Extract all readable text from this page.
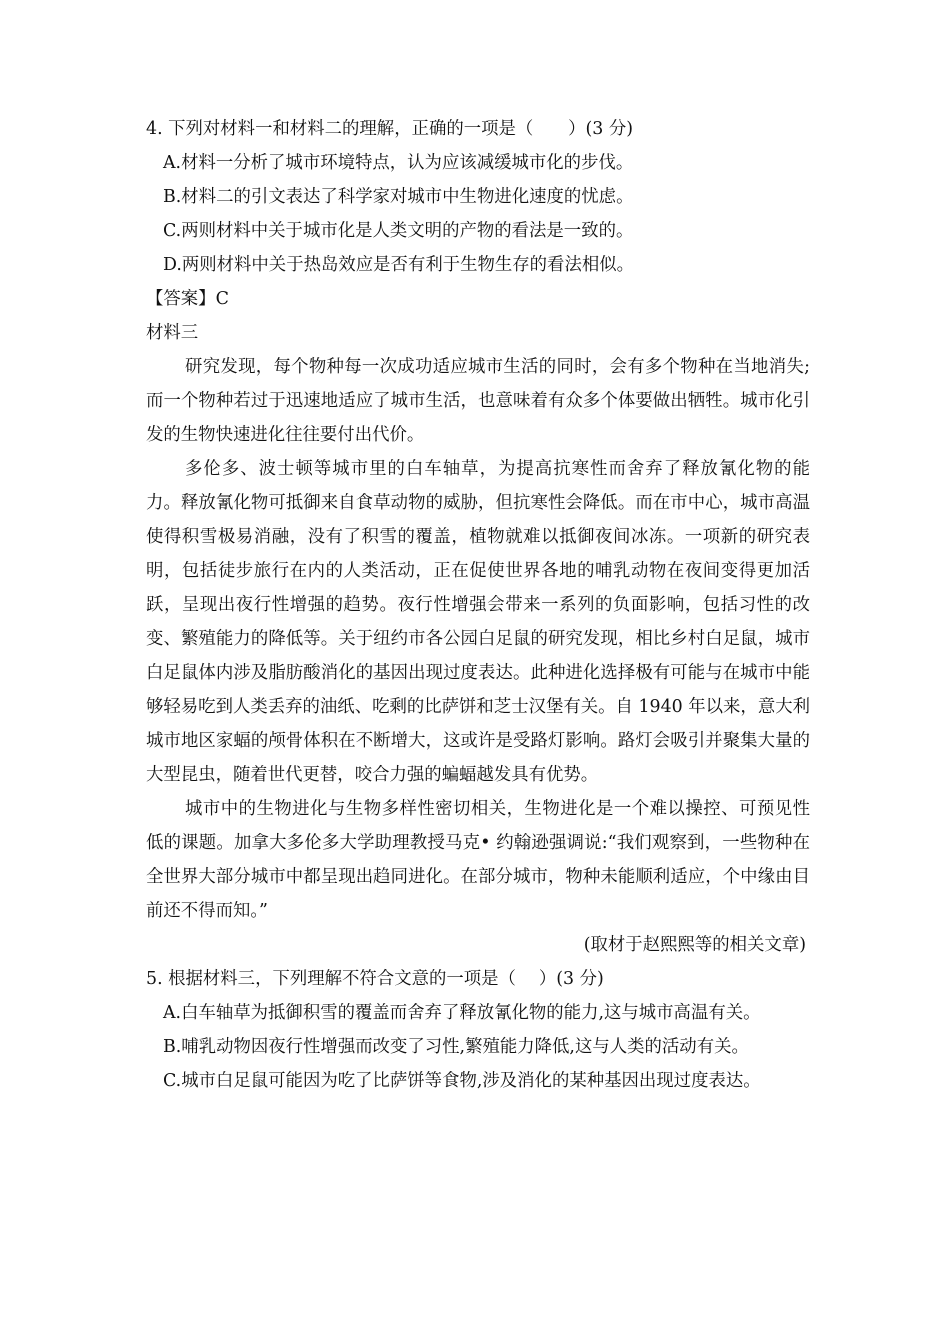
4. 下列对材料一和材料二的理解，正确的一项是（　　）(3 分)
A.材料一分析了城市环境特点，认为应该减缓城市化的步伐。
B.材料二的引文表达了科学家对城市中生物进化速度的忧虑。
C.两则材料中关于城市化是人类文明的产物的看法是一致的。
D.两则材料中关于热岛效应是否有利于生物生存的看法相似。
【答案】C
材料三

研究发现，每个物种每一次成功适应城市生活的同时，会有多个物种在当地消失;而一个物种若过于迅速地适应了城市生活，也意味着有众多个体要做出牺牲。城市化引发的生物快速进化往往要付出代价。

多伦多、波士顿等城市里的白车轴草，为提高抗寒性而舍弃了释放氰化物的能力。释放氰化物可抵御来自食草动物的威胁，但抗寒性会降低。而在市中心，城市高温使得积雪极易消融，没有了积雪的覆盖，植物就难以抵御夜间冰冻。一项新的研究表明，包括徒步旅行在内的人类活动，正在促使世界各地的哺乳动物在夜间变得更加活跃，呈现出夜行性增强的趋势。夜行性增强会带来一系列的负面影响，包括习性的改变、繁殖能力的降低等。关于纽约市各公园白足鼠的研究发现，相比乡村白足鼠，城市白足鼠体内涉及脂肪酸消化的基因出现过度表达。此种进化选择极有可能与在城市中能够轻易吃到人类丢弃的油纸、吃剩的比萨饼和芝士汉堡有关。自 1940 年以来，意大利城市地区家蝠的颅骨体积在不断增大，这或许是受路灯影响。路灯会吸引并聚集大量的大型昆虫，随着世代更替，咬合力强的蝙蝠越发具有优势。

城市中的生物进化与生物多样性密切相关，生物进化是一个难以操控、可预见性低的课题。加拿大多伦多大学助理教授马克• 约翰逊强调说:“我们观察到，一些物种在全世界大部分城市中都呈现出趋同进化。在部分城市，物种未能顺利适应，个中缘由目前还不得而知。”

(取材于赵熙熙等的相关文章)
5. 根据材料三，下列理解不符合文意的一项是（　 ）(3 分)
A.白车轴草为抵御积雪的覆盖而舍弃了释放氰化物的能力,这与城市高温有关。
B.哺乳动物因夜行性增强而改变了习性,繁殖能力降低,这与人类的活动有关。
C.城市白足鼠可能因为吃了比萨饼等食物,涉及消化的某种基因出现过度表达。
